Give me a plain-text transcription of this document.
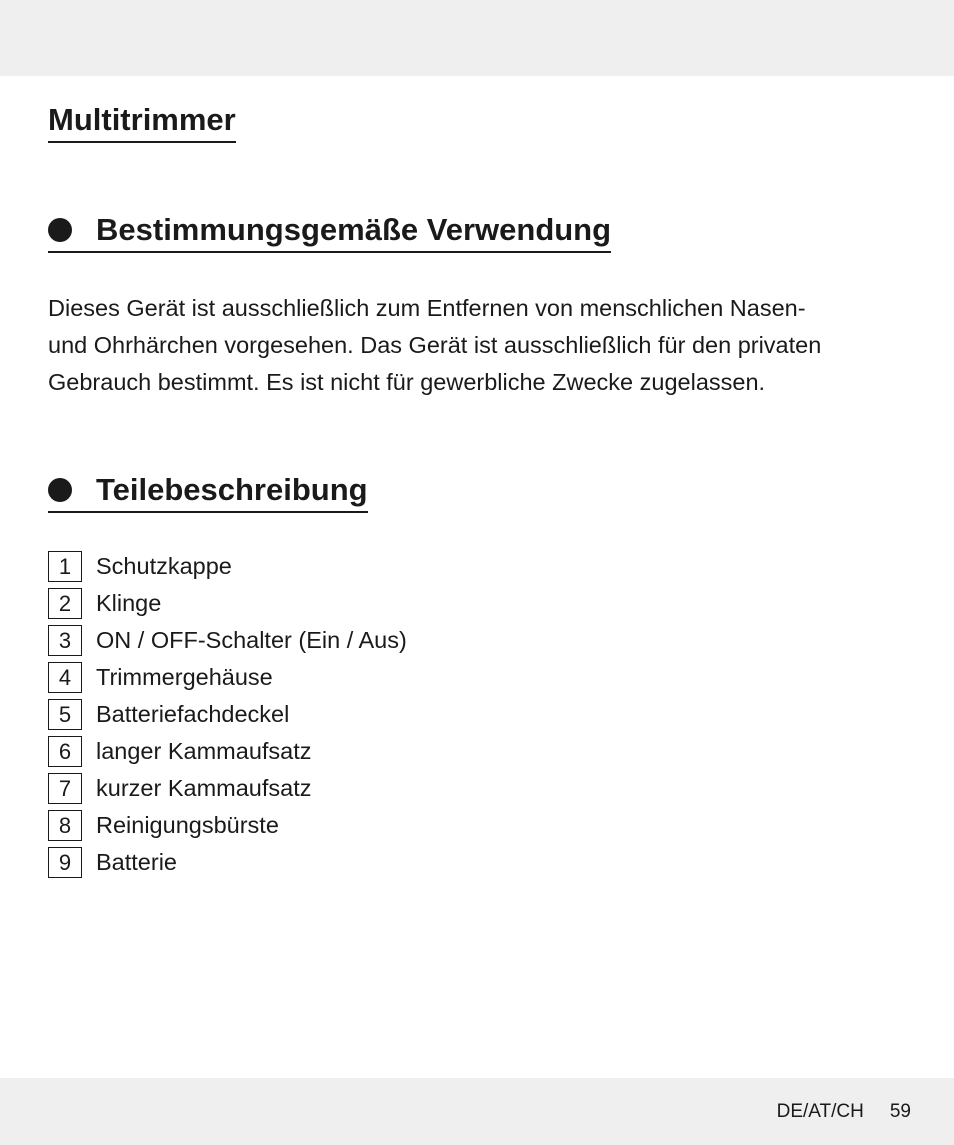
Multitrimmer
Bestimmungsgemäße Verwendung

Dieses Gerät ist ausschließlich zum Entfernen von menschlichen Nasen-
und Ohrhärchen vorgesehen. Das Gerät ist ausschließlich für den privaten
Gebrauch bestimmt. Es ist nicht für gewerbliche Zwecke zugelassen.

Teilebeschreibung
1	Schutzkappe
2	Klinge
3	ON / OFF-Schalter (Ein / Aus)
4	Trimmergehäuse
5	Batteriefachdeckel
6	langer Kammaufsatz
7	kurzer Kammaufsatz
8	Reinigungsbürste
9	Batterie
DE/AT/CH 59
